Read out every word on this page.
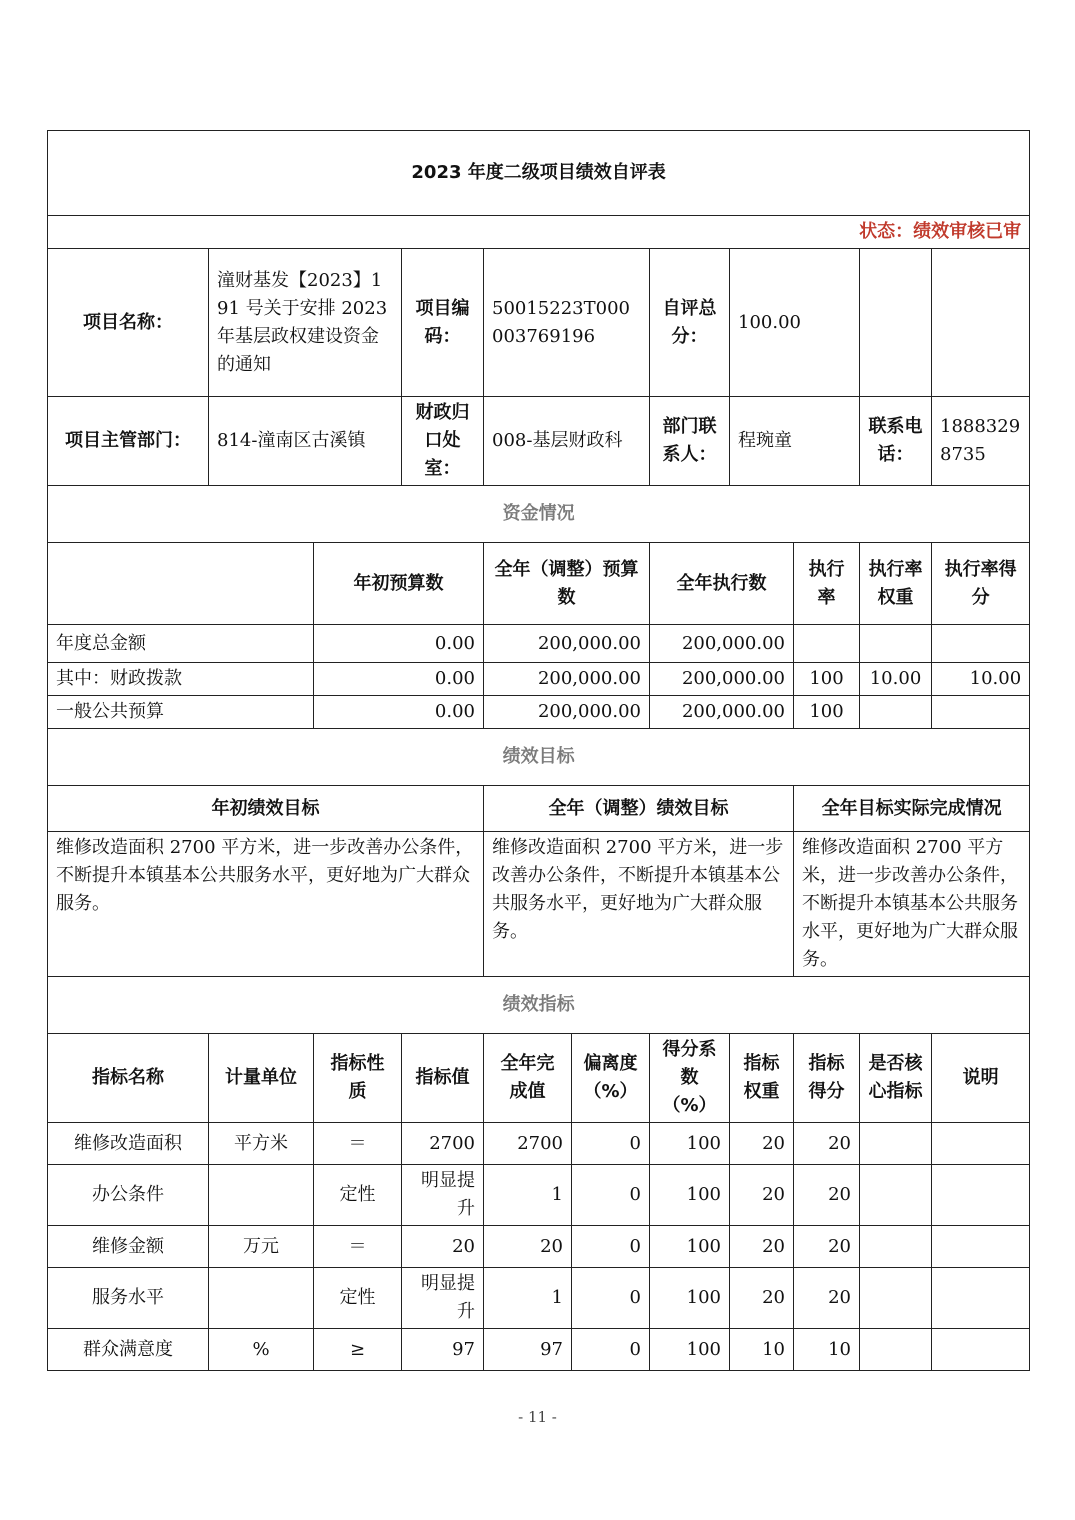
2023 年度二级项目绩效自评表										
状态：绩效审核已审										
项目名称：	潼财基发【2023】191 号关于安排 2023 年基层政权建设资金的通知		项目编码：	50015223T000003769196		自评总分：	100.00			
项目主管部门：	814-潼南区古溪镇		财政归口处室：	008-基层财政科		部门联系人：	程琬童		联系电话：	18883298735
资金情况										
		年初预算数		全年（调整）预算数		全年执行数		执行率	执行率权重	执行率得分
年度总金额		0.00		200,000.00		200,000.00				
其中：财政拨款		0.00		200,000.00		200,000.00		100	10.00	10.00
一般公共预算		0.00		200,000.00		200,000.00		100		
绩效目标										
年初绩效目标				全年（调整）绩效目标				全年目标实际完成情况		
维修改造面积 2700 平方米，进一步改善办公条件，不断提升本镇基本公共服务水平，更好地为广大群众服务。				维修改造面积 2700 平方米，进一步改善办公条件，不断提升本镇基本公共服务水平，更好地为广大群众服务。				维修改造面积 2700 平方米，进一步改善办公条件，不断提升本镇基本公共服务水平，更好地为广大群众服务。		
绩效指标										
指标名称	计量单位	指标性质	指标值	全年完成值	偏离度（%）	得分系数（%）	指标权重	指标得分	是否核心指标	说明
维修改造面积	平方米	＝	2700	2700	0	100	20	20		
办公条件		定性	明显提升	1	0	100	20	20		
维修金额	万元	＝	20	20	0	100	20	20		
服务水平		定性	明显提升	1	0	100	20	20		
群众满意度	%	≥	97	97	0	100	10	10		
- 11 -
